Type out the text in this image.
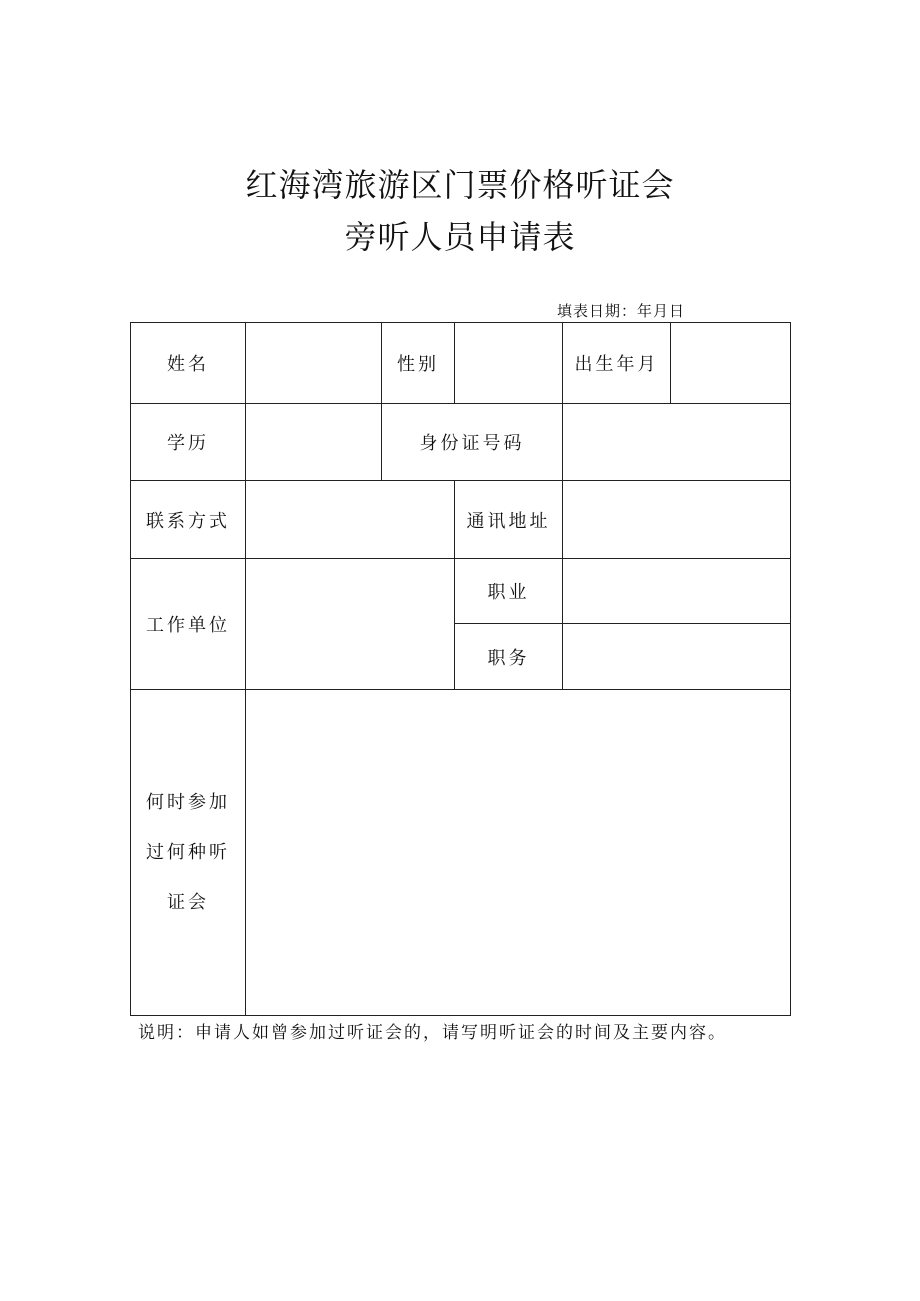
红海湾旅游区门票价格听证会
旁听人员申请表
填表日期：年月日
姓名		性别		出生年月	
学历		身份证号码			
联系方式			通讯地址		
工作单位			职业		
			职务		

何时参加
过何种听
证会					

说明：申请人如曾参加过听证会的，请写明听证会的时间及主要内容。
